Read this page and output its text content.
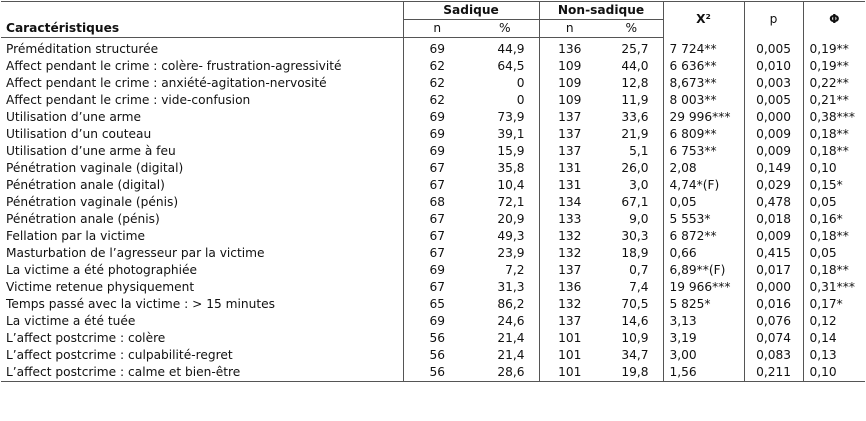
	Sadique		Non-sadique		X²	p	Φ
Caractéristiques	n	%	n	%			
Préméditation structurée	69	44,9	136	25,7	7 724**	0,005	0,19**
Affect pendant le crime : colère- frustration-agressivité	62	64,5	109	44,0	6 636**	0,010	0,19**
Affect pendant le crime : anxiété-agitation-nervosité	62	0	109	12,8	8,673**	0,003	0,22**
Affect pendant le crime : vide-confusion	62	0	109	11,9	8 003**	0,005	0,21**
Utilisation d’une arme	69	73,9	137	33,6	29 996***	0,000	0,38***
Utilisation d’un couteau	69	39,1	137	21,9	6 809**	0,009	0,18**
Utilisation d’une arme à feu	69	15,9	137	5,1	6 753**	0,009	0,18**
Pénétration vaginale (digital)	67	35,8	131	26,0	2,08	0,149	0,10
Pénétration anale (digital)	67	10,4	131	3,0	4,74*(F)	0,029	0,15*
Pénétration vaginale (pénis)	68	72,1	134	67,1	0,05	0,478	0,05
Pénétration anale (pénis)	67	20,9	133	9,0	5 553*	0,018	0,16*
Fellation par la victime	67	49,3	132	30,3	6 872**	0,009	0,18**
Masturbation de l’agresseur par la victime	67	23,9	132	18,9	0,66	0,415	0,05
La victime a été photographiée	69	7,2	137	0,7	6,89**(F)	0,017	0,18**
Victime retenue physiquement	67	31,3	136	7,4	19 966***	0,000	0,31***
Temps passé avec la victime : > 15 minutes	65	86,2	132	70,5	5 825*	0,016	0,17*
La victime a été tuée	69	24,6	137	14,6	3,13	0,076	0,12
L’affect postcrime : colère	56	21,4	101	10,9	3,19	0,074	0,14
L’affect postcrime : culpabilité-regret	56	21,4	101	34,7	3,00	0,083	0,13
L’affect postcrime : calme et bien-être	56	28,6	101	19,8	1,56	0,211	0,10
